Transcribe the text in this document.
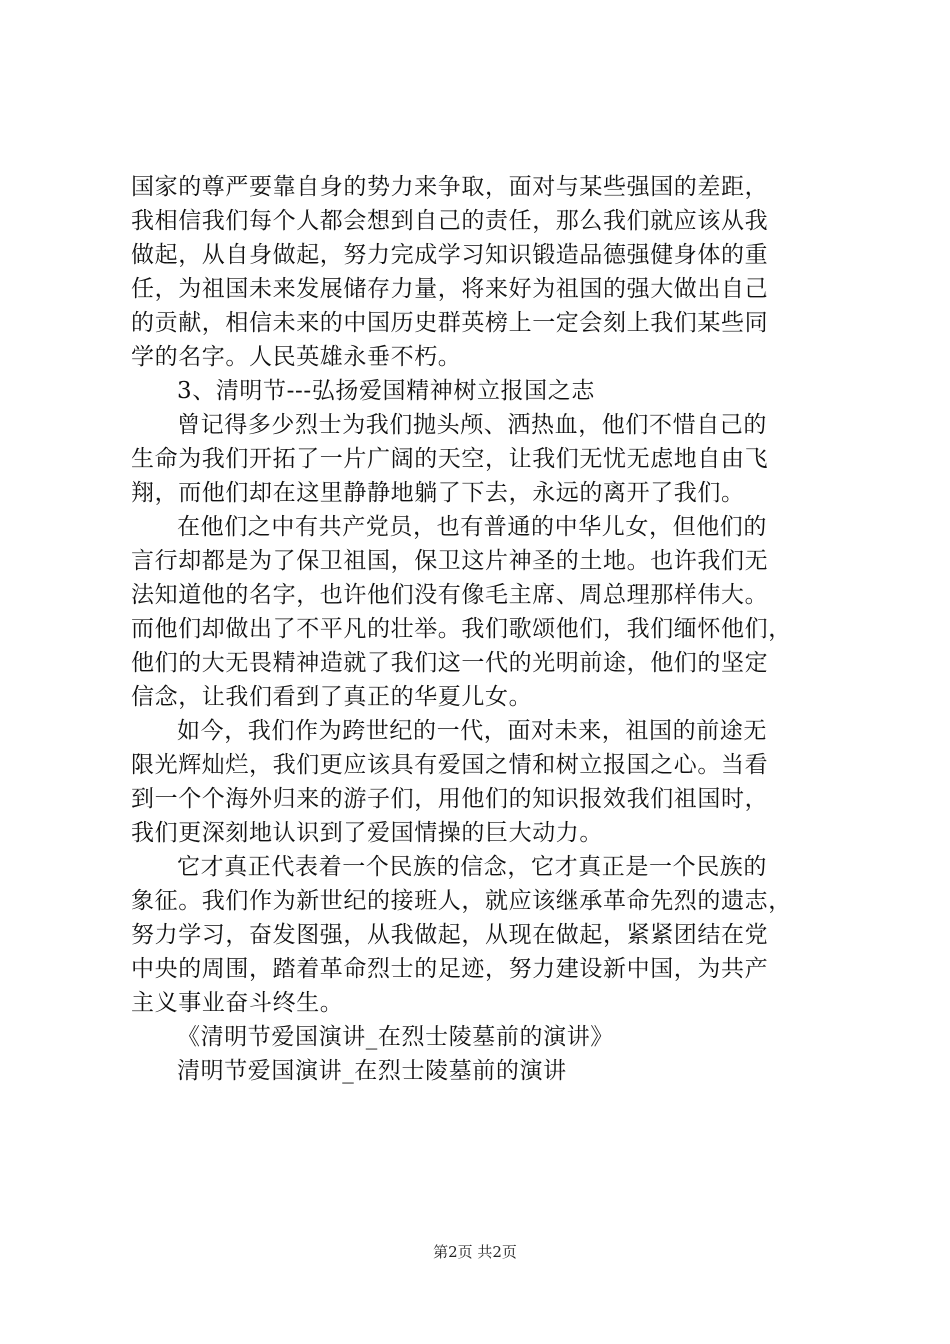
国家的尊严要靠自身的势力来争取，面对与某些强国的差距，
我相信我们每个人都会想到自己的责任，那么我们就应该从我
做起，从自身做起，努力完成学习知识锻造品德强健身体的重
任，为祖国未来发展储存力量，将来好为祖国的强大做出自己
的贡献，相信未来的中国历史群英榜上一定会刻上我们某些同
学的名字。人民英雄永垂不朽。
3、清明节---弘扬爱国精神树立报国之志
曾记得多少烈士为我们抛头颅、洒热血，他们不惜自己的
生命为我们开拓了一片广阔的天空，让我们无忧无虑地自由飞
翔，而他们却在这里静静地躺了下去，永远的离开了我们。
在他们之中有共产党员，也有普通的中华儿女，但他们的
言行却都是为了保卫祖国，保卫这片神圣的土地。也许我们无
法知道他的名字，也许他们没有像毛主席、周总理那样伟大。
而他们却做出了不平凡的壮举。我们歌颂他们，我们缅怀他们，
他们的大无畏精神造就了我们这一代的光明前途，他们的坚定
信念，让我们看到了真正的华夏儿女。
如今，我们作为跨世纪的一代，面对未来，祖国的前途无
限光辉灿烂，我们更应该具有爱国之情和树立报国之心。当看
到一个个海外归来的游子们，用他们的知识报效我们祖国时，
我们更深刻地认识到了爱国情操的巨大动力。
它才真正代表着一个民族的信念，它才真正是一个民族的
象征。我们作为新世纪的接班人，就应该继承革命先烈的遗志，
努力学习，奋发图强，从我做起，从现在做起，紧紧团结在党
中央的周围，踏着革命烈士的足迹，努力建设新中国，为共产
主义事业奋斗终生。
《清明节爱国演讲_在烈士陵墓前的演讲》
清明节爱国演讲_在烈士陵墓前的演讲
第2页 共2页
